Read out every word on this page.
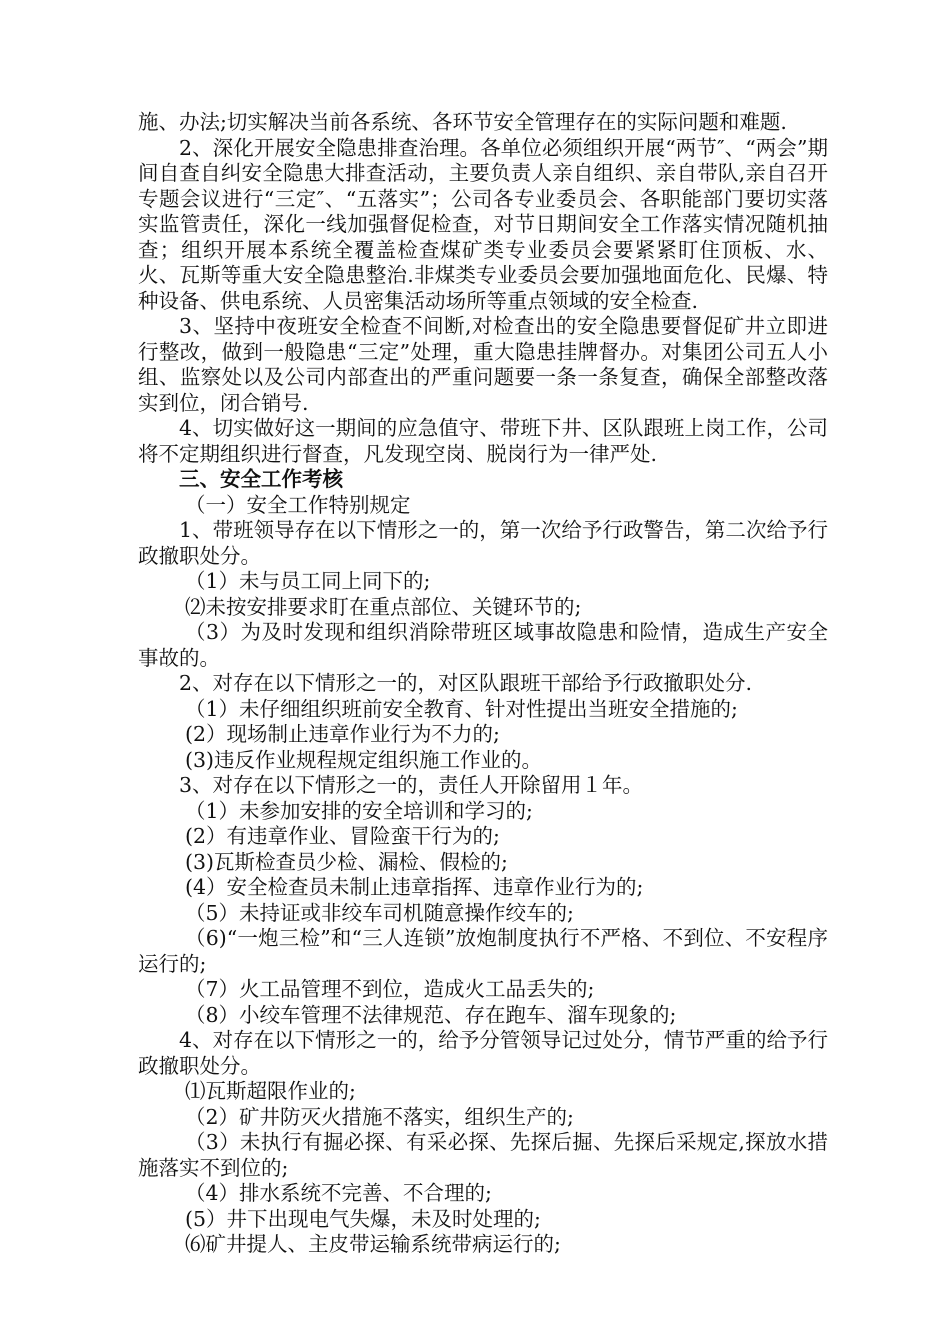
施、办法;切实解决当前各系统、各环节安全管理存在的实际问题和难题.

2、深化开展安全隐患排查治理。各单位必须组织开展“两节″、“两会”期间自查自纠安全隐患大排查活动，主要负责人亲自组织、亲自带队,亲自召开专题会议进行“三定″、“五落实”；公司各专业委员会、各职能部门要切实落实监管责任，深化一线加强督促检查，对节日期间安全工作落实情况随机抽查；组织开展本系统全覆盖检查煤矿类专业委员会要紧紧盯住顶板、水、火、瓦斯等重大安全隐患整治.非煤类专业委员会要加强地面危化、民爆、特种设备、供电系统、人员密集活动场所等重点领域的安全检查.

3、坚持中夜班安全检查不间断,对检查出的安全隐患要督促矿井立即进行整改，做到一般隐患“三定”处理，重大隐患挂牌督办。对集团公司五人小组、监察处以及公司内部查出的严重问题要一条一条复查，确保全部整改落实到位，闭合销号.

4、切实做好这一期间的应急值守、带班下井、区队跟班上岗工作，公司将不定期组织进行督查，凡发现空岗、脱岗行为一律严处.

三、安全工作考核

（一）安全工作特别规定

1、带班领导存在以下情形之一的，第一次给予行政警告，第二次给予行政撤职处分。

（1）未与员工同上同下的;

⑵未按安排要求盯在重点部位、关键环节的;

（3）为及时发现和组织消除带班区域事故隐患和险情，造成生产安全事故的。

2、对存在以下情形之一的，对区队跟班干部给予行政撤职处分.

（1）未仔细组织班前安全教育、针对性提出当班安全措施的;

(2）现场制止违章作业行为不力的;

(3)违反作业规程规定组织施工作业的。

3、对存在以下情形之一的，责任人开除留用１年。

（1）未参加安排的安全培训和学习的;

(2）有违章作业、冒险蛮干行为的;

(3)瓦斯检查员少检、漏检、假检的;

(4）安全检查员未制止违章指挥、违章作业行为的;

（5）未持证或非绞车司机随意操作绞车的;

（6)“一炮三检”和“三人连锁”放炮制度执行不严格、不到位、不安程序运行的;

（7）火工品管理不到位，造成火工品丢失的;

（8）小绞车管理不法律规范、存在跑车、溜车现象的;

4、对存在以下情形之一的，给予分管领导记过处分，情节严重的给予行政撤职处分。

⑴瓦斯超限作业的;

（2）矿井防灭火措施不落实，组织生产的;

（3）未执行有掘必探、有采必探、先探后掘、先探后采规定,探放水措施落实不到位的;

（4）排水系统不完善、不合理的;

(5）井下出现电气失爆，未及时处理的;

⑹矿井提人、主皮带运输系统带病运行的;
